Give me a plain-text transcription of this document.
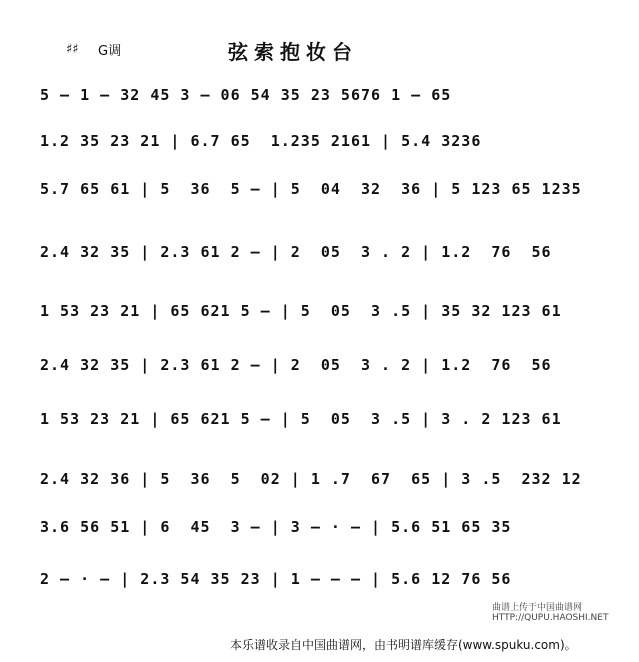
♯♯ G调	弦索抱妆台
5 — 1 — 32 45 3 — 06 54 35 23 5676 1 — 65
1.2 35 23 21 | 6.7 65  1.235 2161 | 5.4 3236
5.7 65 61 | 5  36  5 — | 5  04  32  36 | 5 123 65 1235
2.4 32 35 | 2.3 61 2 — | 2  05  3 . 2 | 1.2  76  56
1 53 23 21 | 65 621 5 — | 5  05  3 .5 | 35 32 123 61
2.4 32 35 | 2.3 61 2 — | 2  05  3 . 2 | 1.2  76  56
1 53 23 21 | 65 621 5 — | 5  05  3 .5 | 3 . 2 123 61
2.4 32 36 | 5  36  5  02 | 1 .7  67  65 | 3 .5  232 12
3.6 56 51 | 6  45  3 — | 3 — · — | 5.6 51 65 35
2 — · — | 2.3 54 35 23 | 1 — — — | 5.6 12 76 56
曲谱上传于中国曲谱网
HTTP://QUPU.HAOSHI.NET
本乐谱收录自中国曲谱网，由书明谱库缓存(www.spuku.com)。
